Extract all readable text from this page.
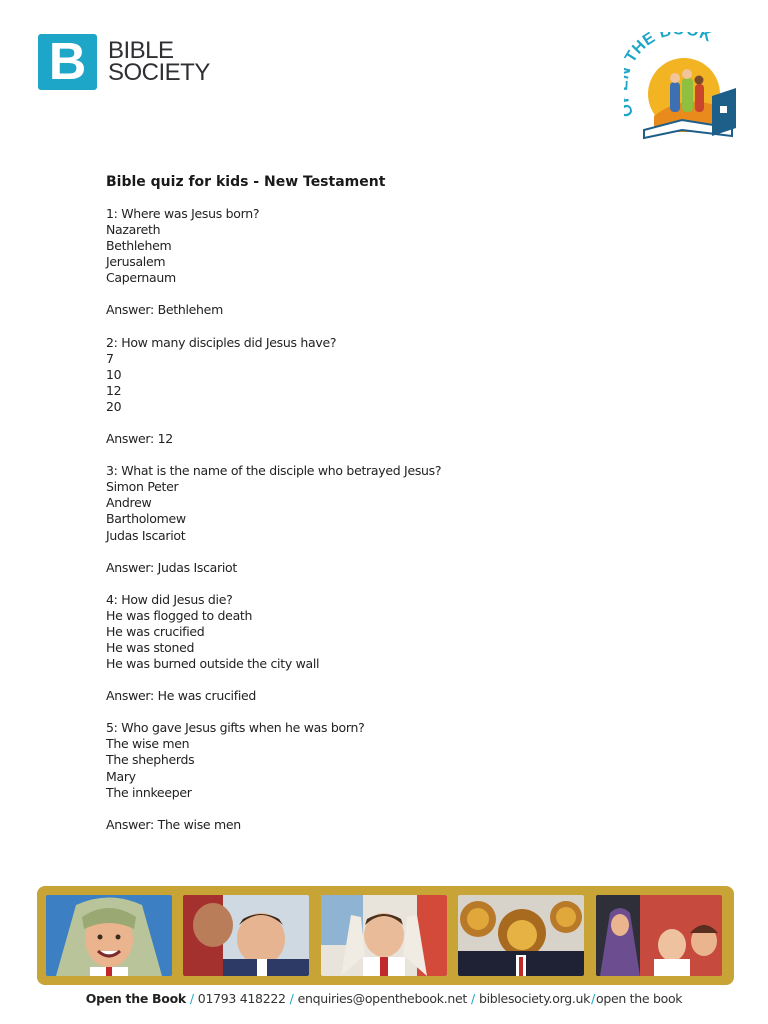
B BIBLE
SOCIETY
HE K
Bible quiz for kids - New Testament
1: Where was Jesus born?
Nazareth
Bethlehem
Jerusalem
Capernaum
Answer: Bethlehem
2: How many disciples did Jesus have?
7
10
12
20
Answer: 12
3: What is the name of the disciple who betrayed Jesus?
Simon Peter
Andrew
Bartholomew
Judas Iscariot
Answer: Judas Iscariot
4: How did Jesus die?
He was flogged to death
He was crucified
He was stoned
He was burned outside the city wall
Answer: He was crucified
5: Who gave Jesus gifts when he was born?
The wise men
The shepherds
Mary
The innkeeper
Answer: The wise men
Open the Book / 01793 418222 / enquiries@openthebook.net / biblesociety.org.uk/open the book
